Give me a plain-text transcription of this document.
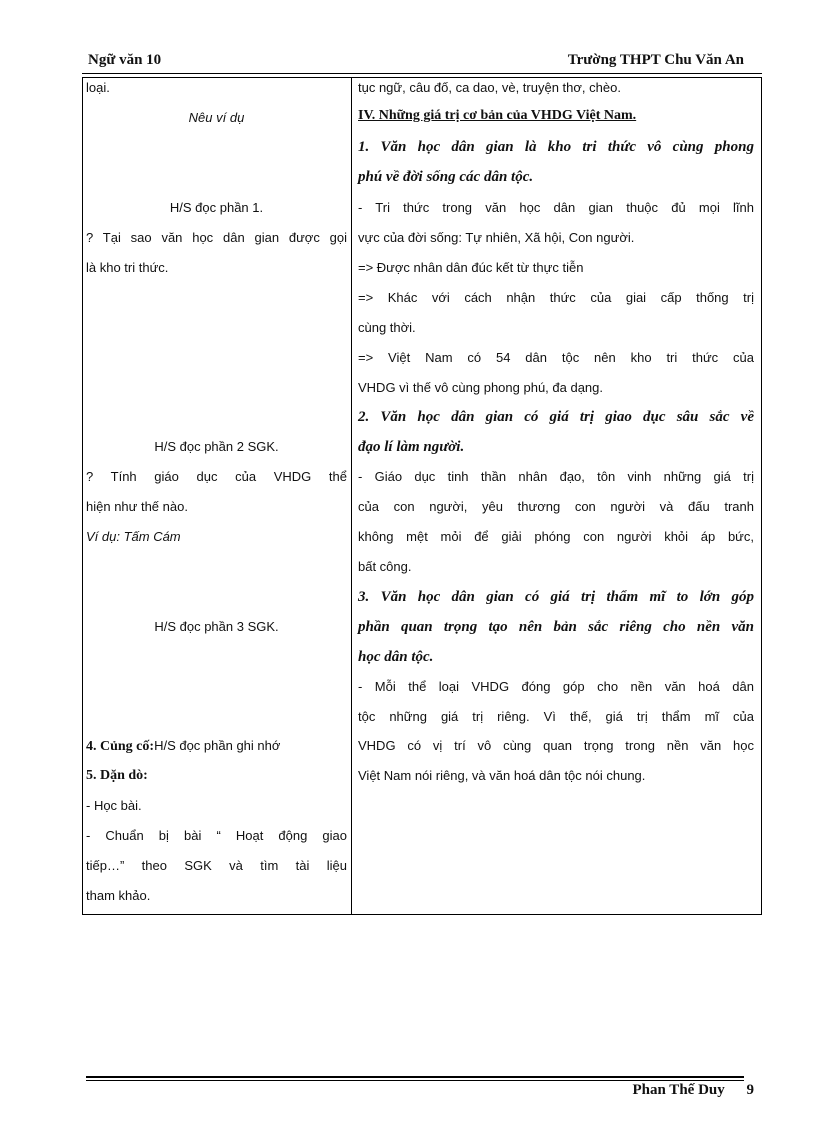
Ngữ văn 10	Trường THPT Chu Văn An
loại.
Nêu ví dụ
H/S đọc phần 1.
? Tại sao văn học dân gian được gọi
là kho tri thức.
H/S đọc phần 2 SGK.
? Tính giáo dục của VHDG thể
hiện như thế nào.
Ví dụ: Tấm Cám
H/S đọc phần 3 SGK.
4. Củng cố:H/S đọc phần ghi nhớ
5. Dặn dò:
- Học bài.
- Chuẩn bị bài “ Hoạt động giao
tiếp…” theo SGK và tìm tài liệu
tham khảo.
tục ngữ, câu đố, ca dao, vè, truyện thơ, chèo.
IV. Những giá trị cơ bản của VHDG Việt Nam.
1. Văn học dân gian là kho tri thức vô cùng phong
phú về đời sống các dân tộc.
- Tri thức trong văn học dân gian thuộc đủ mọi lĩnh
vực của đời sống: Tự nhiên, Xã hội, Con người.
=> Được nhân dân đúc kết từ thực tiễn
=> Khác với cách nhận thức của giai cấp thống trị
cùng thời.
=> Việt Nam có 54 dân tộc nên kho tri thức của
VHDG vì thế vô cùng phong phú, đa dạng.
2. Văn học dân gian có giá trị giao dục sâu sắc về
đạo lí làm người.
- Giáo dục tinh thần nhân đạo, tôn vinh những giá trị
của con người, yêu thương con người và đấu tranh
không mệt mỏi để giải phóng con người khỏi áp bức,
bất công.
3. Văn học dân gian có giá trị thẩm mĩ to lớn góp
phần quan trọng tạo nên bản sắc riêng cho nền văn
học dân tộc.
- Mỗi thể loại VHDG đóng góp cho nền văn hoá dân
tộc những giá trị riêng. Vì thế, giá trị thẩm mĩ của
VHDG có vị trí vô cùng quan trọng trong nền văn học
Việt Nam nói riêng, và văn hoá dân tộc nói chung.
Phan Thế Duy 9
